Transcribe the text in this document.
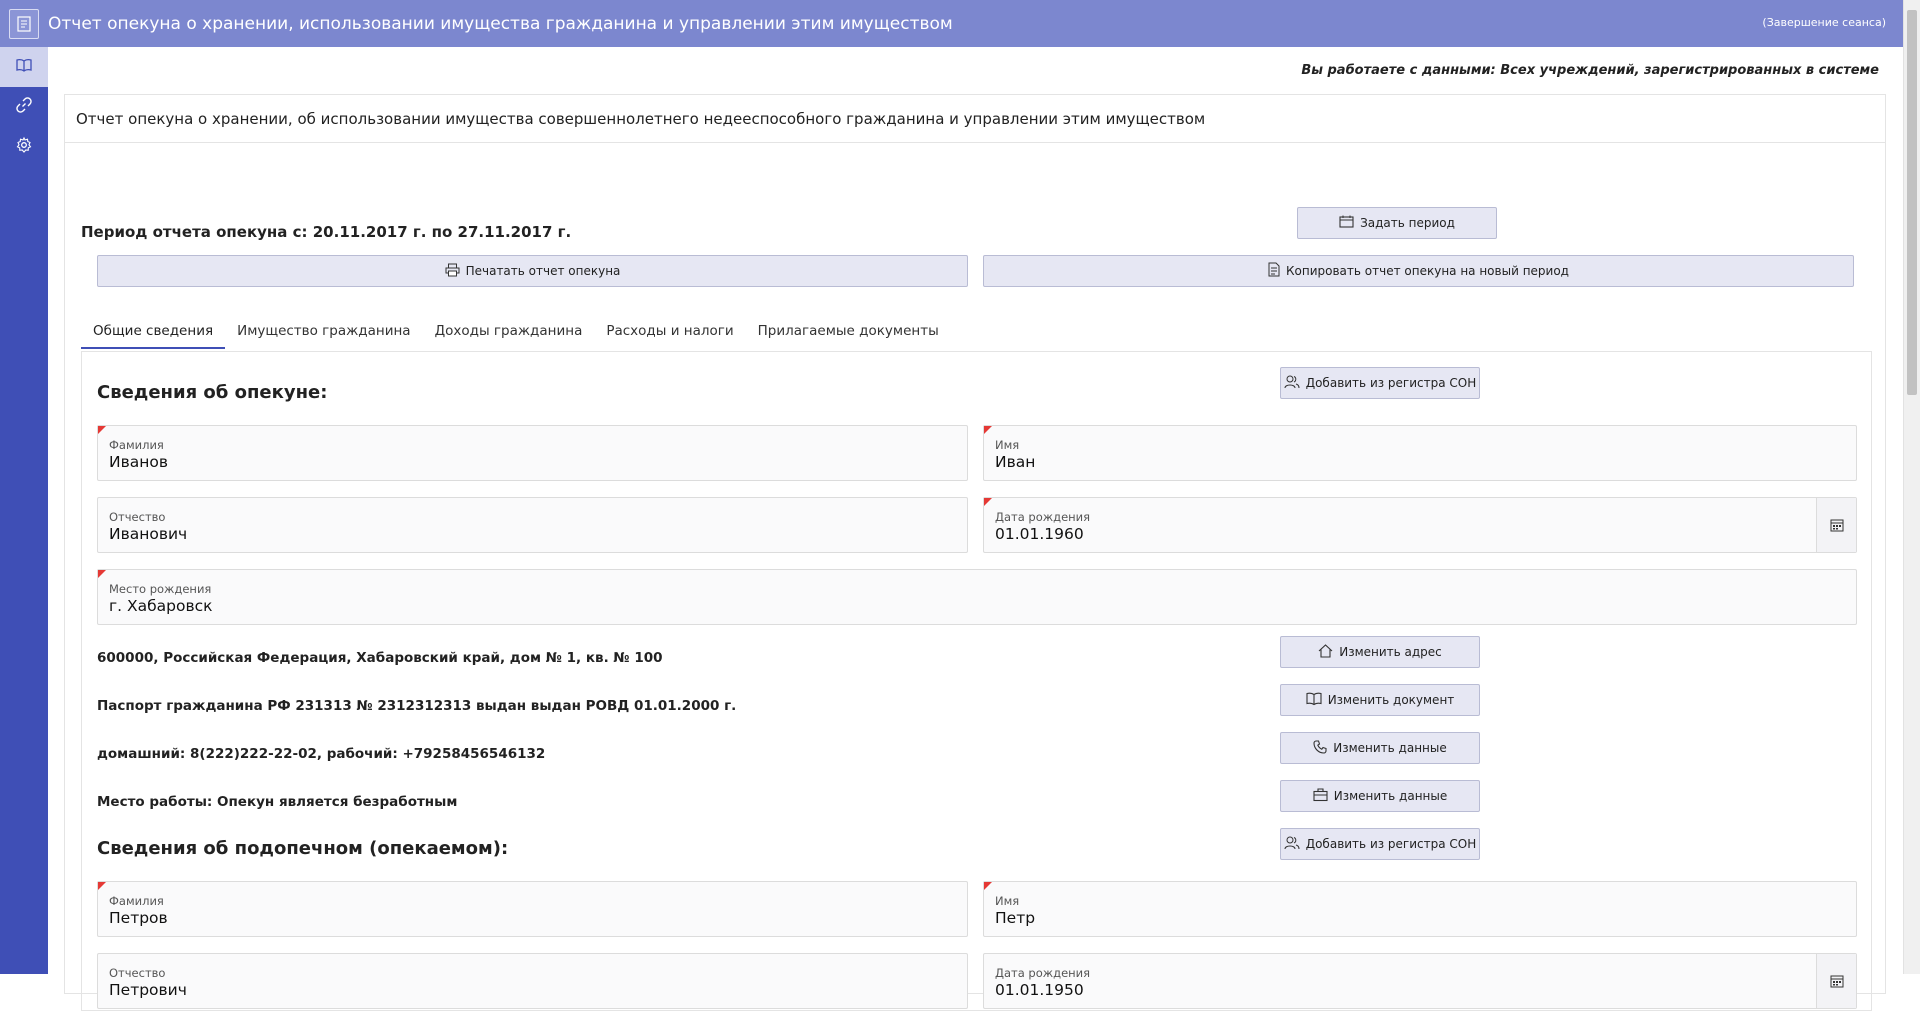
Отчет опекуна о хранении, использовании имущества гражданина и управлении этим имуществом	(Завершение сеанса)
Вы работаете с данными: Всех учреждений, зарегистрированных в системе
Отчет опекуна о хранении, об использовании имущества совершеннолетнего недееспособного гражданина и управлении этим имуществом
Период отчета опекуна с: 20.11.2017 г. по 27.11.2017 г.	Задать период
Печатать отчет опекуна	Копировать отчет опекуна на новый период
Общие сведения	Имущество гражданина	Доходы гражданина	Расходы и налоги	Прилагаемые документы
Сведения об опекуне:	Добавить из регистра СОН
Фамилия
Иванов
Имя
Иван
Отчество
Иванович
Дата рождения
01.01.1960
Место рождения
г. Хабаровск
600000, Российская Федерация, Хабаровский край, дом № 1, кв. № 100	Изменить адрес
Паспорт гражданина РФ 231313 № 2312312313 выдан выдан РОВД 01.01.2000 г.	Изменить документ
домашний: 8(222)222-22-02, рабочий: +79258456546132	Изменить данные
Место работы: Опекун является безработным	Изменить данные
Сведения об подопечном (опекаемом):	Добавить из регистра СОН
Фамилия
Петров
Имя
Петр
Отчество
Петрович
Дата рождения
01.01.1950
